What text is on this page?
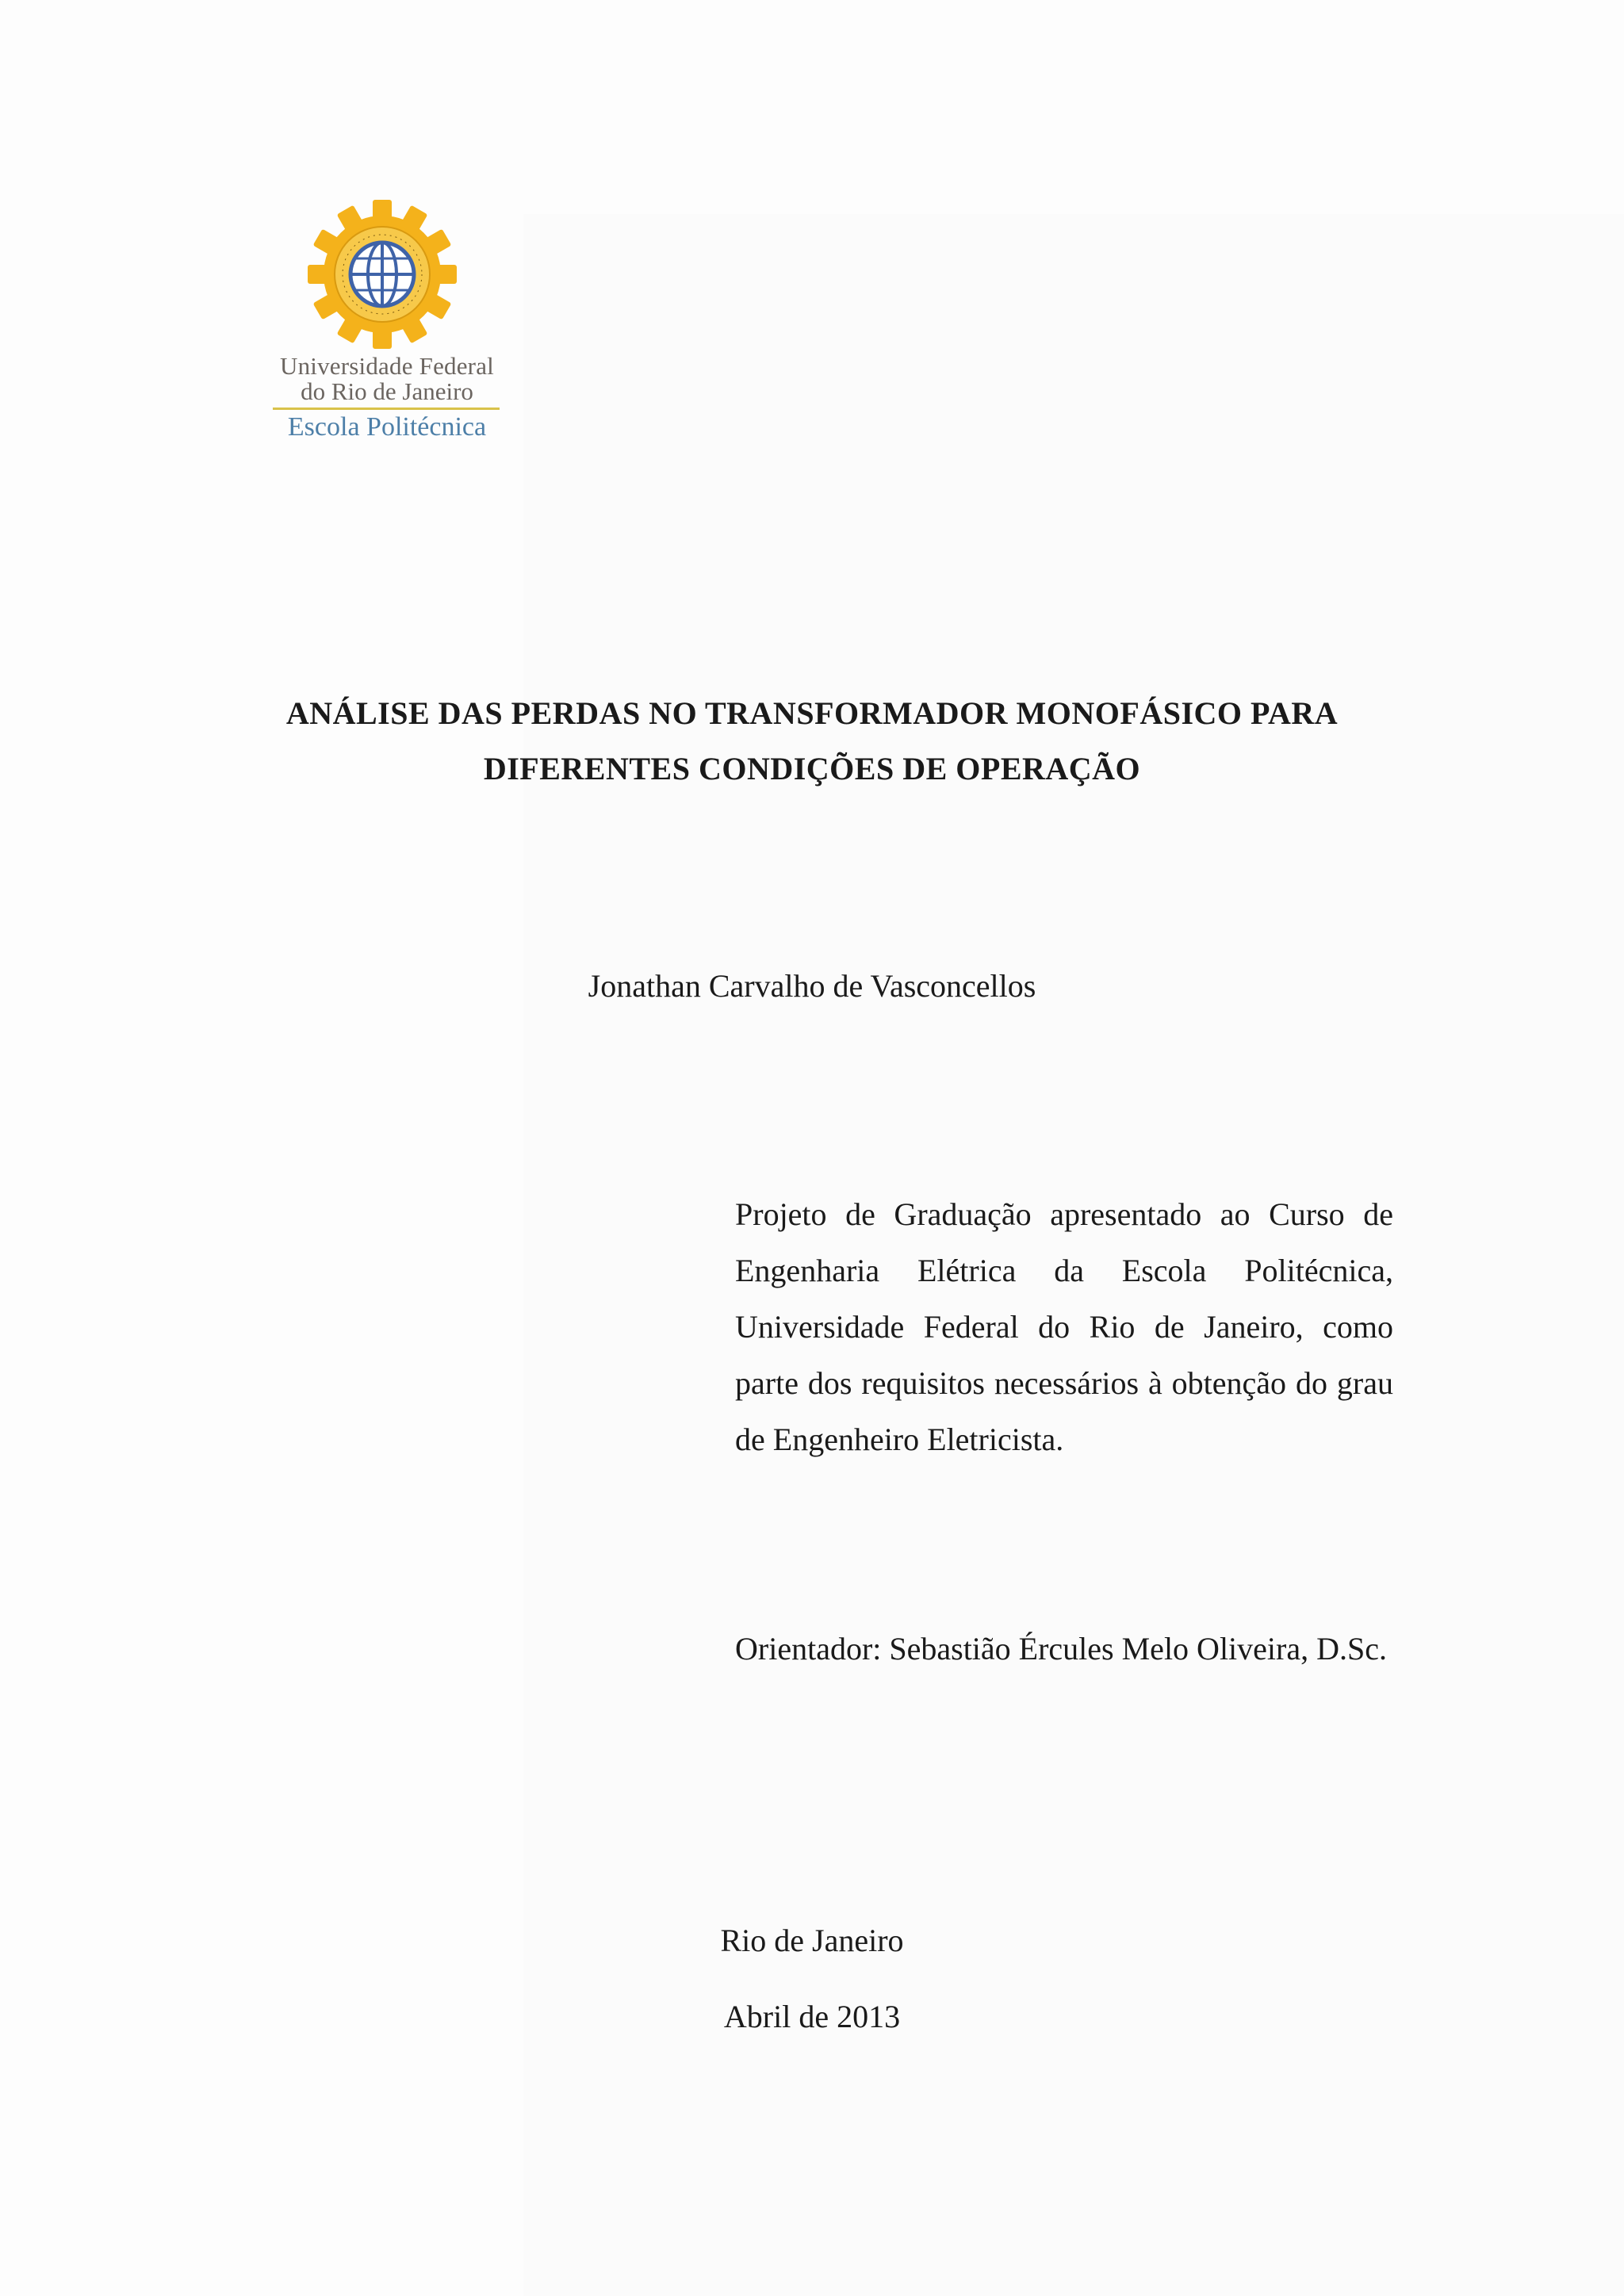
Universidade Federal
do Rio de Janeiro
Escola Politécnica
ANÁLISE DAS PERDAS NO TRANSFORMADOR MONOFÁSICO PARA
DIFERENTES CONDIÇÕES DE OPERAÇÃO
Jonathan Carvalho de Vasconcellos
Projeto de Graduação apresentado ao Curso de Engenharia Elétrica da Escola Politécnica, Universidade Federal do Rio de Janeiro, como parte dos requisitos necessários à obtenção do grau de Engenheiro Eletricista.
Orientador: Sebastião Ércules Melo Oliveira, D.Sc.
Rio de Janeiro
Abril de 2013
